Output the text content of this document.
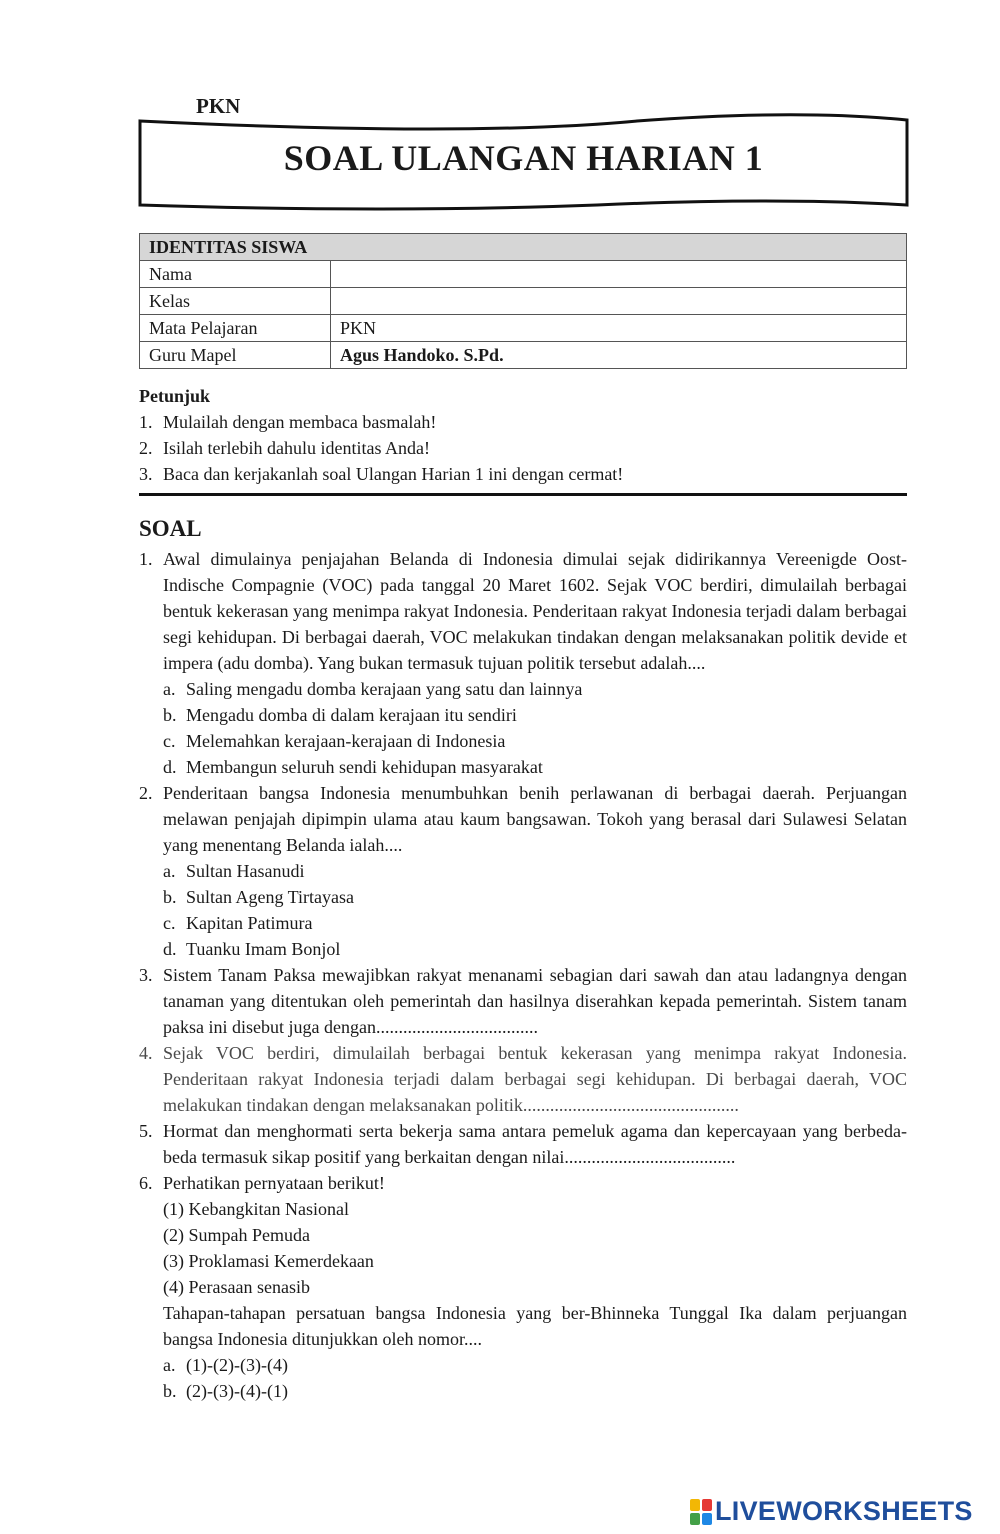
PKN
SOAL ULANGAN HARIAN 1
IDENTITAS SISWA	
Nama	
Kelas	
Mata Pelajaran	PKN
Guru Mapel	Agus Handoko. S.Pd.
Petunjuk
1. Mulailah dengan membaca basmalah!
2. Isilah terlebih dahulu identitas Anda!
3. Baca dan kerjakanlah soal Ulangan Harian 1 ini dengan cermat!
SOAL
1. Awal dimulainya penjajahan Belanda di Indonesia dimulai sejak didirikannya Vereenigde Oost-Indische Compagnie (VOC) pada tanggal 20 Maret 1602. Sejak VOC berdiri, dimulailah berbagai bentuk kekerasan yang menimpa rakyat Indonesia. Penderitaan rakyat Indonesia terjadi dalam berbagai segi kehidupan. Di berbagai daerah, VOC melakukan tindakan dengan melaksanakan politik devide et impera (adu domba). Yang bukan termasuk tujuan politik tersebut adalah....
a. Saling mengadu domba kerajaan yang satu dan lainnya
b. Mengadu domba di dalam kerajaan itu sendiri
c. Melemahkan kerajaan-kerajaan di Indonesia
d. Membangun seluruh sendi kehidupan masyarakat
2. Penderitaan bangsa Indonesia menumbuhkan benih perlawanan di berbagai daerah. Perjuangan melawan penjajah dipimpin ulama atau kaum bangsawan. Tokoh yang berasal dari Sulawesi Selatan yang menentang Belanda ialah....
a. Sultan Hasanudi
b. Sultan Ageng Tirtayasa
c. Kapitan Patimura
d. Tuanku Imam Bonjol
3. Sistem Tanam Paksa mewajibkan rakyat menanami sebagian dari sawah dan atau ladangnya dengan tanaman yang ditentukan oleh pemerintah dan hasilnya diserahkan kepada pemerintah. Sistem tanam paksa ini disebut juga dengan....................................
4. Sejak VOC berdiri, dimulailah berbagai bentuk kekerasan yang menimpa rakyat Indonesia. Penderitaan rakyat Indonesia terjadi dalam berbagai segi kehidupan. Di berbagai daerah, VOC melakukan tindakan dengan melaksanakan politik................................................
5. Hormat dan menghormati serta bekerja sama antara pemeluk agama dan kepercayaan yang berbeda-beda termasuk sikap positif yang berkaitan dengan nilai......................................
6. Perhatikan pernyataan berikut!
(1) Kebangkitan Nasional
(2) Sumpah Pemuda
(3) Proklamasi Kemerdekaan
(4) Perasaan senasib
Tahapan-tahapan persatuan bangsa Indonesia yang ber-Bhinneka Tunggal Ika dalam perjuangan bangsa Indonesia ditunjukkan oleh nomor....
a. (1)-(2)-(3)-(4)
b. (2)-(3)-(4)-(1)
LIVEWORKSHEETS
